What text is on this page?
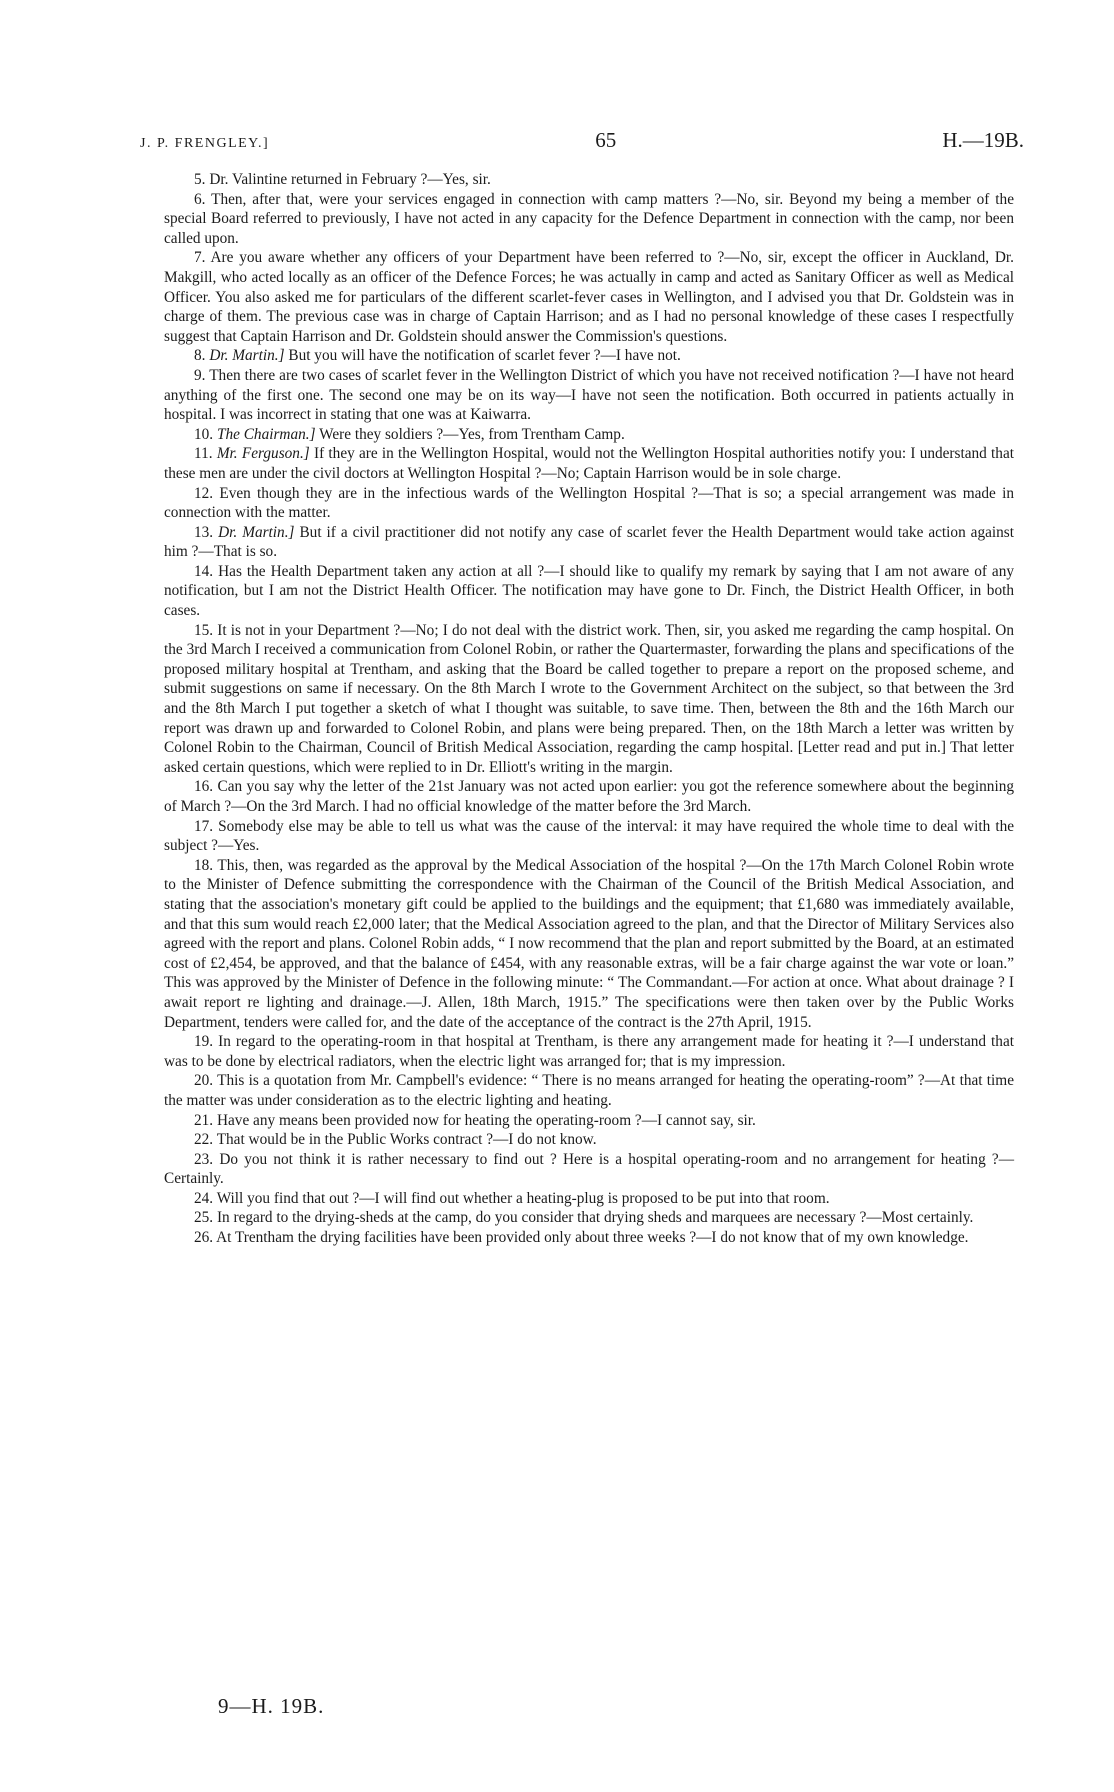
J. P. FRENGLEY.]	65	H.—19B.

5. Dr. Valintine returned in February ?—Yes, sir.

6. Then, after that, were your services engaged in connection with camp matters ?—No, sir. Beyond my being a member of the special Board referred to previously, I have not acted in any capacity for the Defence Department in connection with the camp, nor been called upon.

7. Are you aware whether any officers of your Department have been referred to ?—No, sir, except the officer in Auckland, Dr. Makgill, who acted locally as an officer of the Defence Forces; he was actually in camp and acted as Sanitary Officer as well as Medical Officer. You also asked me for particulars of the different scarlet-fever cases in Wellington, and I advised you that Dr. Goldstein was in charge of them. The previous case was in charge of Captain Harrison; and as I had no personal knowledge of these cases I respectfully suggest that Captain Harrison and Dr. Goldstein should answer the Commission's questions.

8. Dr. Martin.] But you will have the notification of scarlet fever ?—I have not.

9. Then there are two cases of scarlet fever in the Wellington District of which you have not received notification ?—I have not heard anything of the first one. The second one may be on its way—I have not seen the notification. Both occurred in patients actually in hospital. I was incorrect in stating that one was at Kaiwarra.

10. The Chairman.] Were they soldiers ?—Yes, from Trentham Camp.

11. Mr. Ferguson.] If they are in the Wellington Hospital, would not the Wellington Hospital authorities notify you: I understand that these men are under the civil doctors at Wellington Hospital ?—No; Captain Harrison would be in sole charge.

12. Even though they are in the infectious wards of the Wellington Hospital ?—That is so; a special arrangement was made in connection with the matter.

13. Dr. Martin.] But if a civil practitioner did not notify any case of scarlet fever the Health Department would take action against him ?—That is so.

14. Has the Health Department taken any action at all ?—I should like to qualify my remark by saying that I am not aware of any notification, but I am not the District Health Officer. The notification may have gone to Dr. Finch, the District Health Officer, in both cases.

15. It is not in your Department ?—No; I do not deal with the district work. Then, sir, you asked me regarding the camp hospital. On the 3rd March I received a communication from Colonel Robin, or rather the Quartermaster, forwarding the plans and specifications of the proposed military hospital at Trentham, and asking that the Board be called together to prepare a report on the proposed scheme, and submit suggestions on same if necessary. On the 8th March I wrote to the Government Architect on the subject, so that between the 3rd and the 8th March I put together a sketch of what I thought was suitable, to save time. Then, between the 8th and the 16th March our report was drawn up and forwarded to Colonel Robin, and plans were being prepared. Then, on the 18th March a letter was written by Colonel Robin to the Chairman, Council of British Medical Association, regarding the camp hospital. [Letter read and put in.] That letter asked certain questions, which were replied to in Dr. Elliott's writing in the margin.

16. Can you say why the letter of the 21st January was not acted upon earlier: you got the reference somewhere about the beginning of March ?—On the 3rd March. I had no official knowledge of the matter before the 3rd March.

17. Somebody else may be able to tell us what was the cause of the interval: it may have required the whole time to deal with the subject ?—Yes.

18. This, then, was regarded as the approval by the Medical Association of the hospital ?—On the 17th March Colonel Robin wrote to the Minister of Defence submitting the correspondence with the Chairman of the Council of the British Medical Association, and stating that the association's monetary gift could be applied to the buildings and the equipment; that £1,680 was immediately available, and that this sum would reach £2,000 later; that the Medical Association agreed to the plan, and that the Director of Military Services also agreed with the report and plans. Colonel Robin adds, “ I now recommend that the plan and report submitted by the Board, at an estimated cost of £2,454, be approved, and that the balance of £454, with any reasonable extras, will be a fair charge against the war vote or loan.” This was approved by the Minister of Defence in the following minute: “ The Commandant.—For action at once. What about drainage ? I await report re lighting and drainage.—J. Allen, 18th March, 1915.” The specifications were then taken over by the Public Works Department, tenders were called for, and the date of the acceptance of the contract is the 27th April, 1915.

19. In regard to the operating-room in that hospital at Trentham, is there any arrangement made for heating it ?—I understand that was to be done by electrical radiators, when the electric light was arranged for; that is my impression.

20. This is a quotation from Mr. Campbell's evidence: “ There is no means arranged for heating the operating-room” ?—At that time the matter was under consideration as to the electric lighting and heating.

21. Have any means been provided now for heating the operating-room ?—I cannot say, sir.

22. That would be in the Public Works contract ?—I do not know.

23. Do you not think it is rather necessary to find out ? Here is a hospital operating-room and no arrangement for heating ?—Certainly.

24. Will you find that out ?—I will find out whether a heating-plug is proposed to be put into that room.

25. In regard to the drying-sheds at the camp, do you consider that drying sheds and marquees are necessary ?—Most certainly.

26. At Trentham the drying facilities have been provided only about three weeks ?—I do not know that of my own knowledge.

9—H. 19B.
